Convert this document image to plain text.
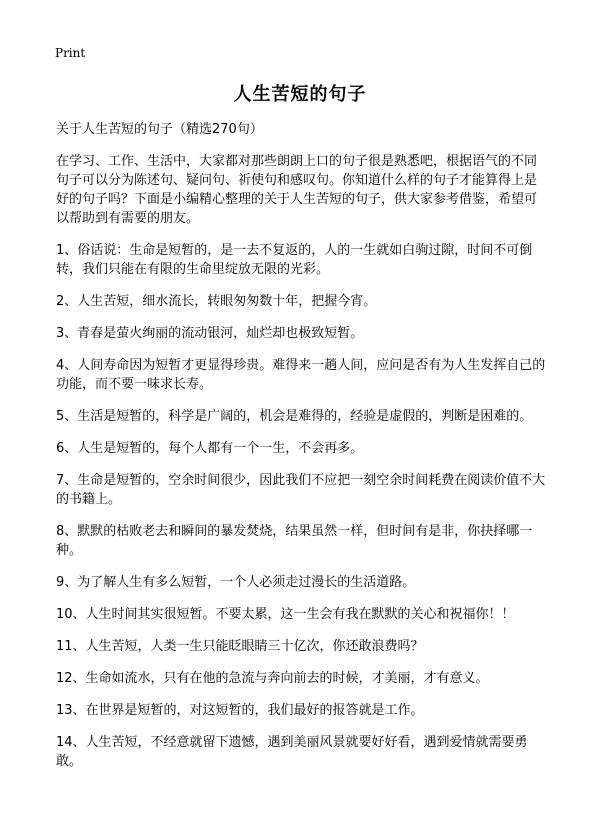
Print
人生苦短的句子

关于人生苦短的句子（精选270句）

在学习、工作、生活中，大家都对那些朗朗上口的句子很是熟悉吧，根据语气的不同句子可以分为陈述句、疑问句、祈使句和感叹句。你知道什么样的句子才能算得上是好的句子吗？下面是小编精心整理的关于人生苦短的句子，供大家参考借鉴，希望可以帮助到有需要的朋友。

1、俗话说：生命是短暂的，是一去不复返的，人的一生就如白驹过隙，时间不可倒转，我们只能在有限的生命里绽放无限的光彩。

2、人生苦短，细水流长，转眼匆匆数十年，把握今宵。

3、青春是萤火绚丽的流动银河，灿烂却也极致短暂。

4、人间寿命因为短暂才更显得珍贵。难得来一趟人间，应问是否有为人生发挥自己的功能，而不要一味求长寿。

5、生活是短暂的，科学是广阔的，机会是难得的，经验是虚假的，判断是困难的。

6、人生是短暂的，每个人都有一个一生，不会再多。

7、生命是短暂的，空余时间很少，因此我们不应把一刻空余时间耗费在阅读价值不大的书籍上。

8、默默的枯败老去和瞬间的暴发焚烧，结果虽然一样，但时间有是非，你抉择哪一种。

9、为了解人生有多么短暂，一个人必须走过漫长的生活道路。

10、人生时间其实很短暂。不要太累，这一生会有我在默默的关心和祝福你！！

11、人生苦短，人类一生只能眨眼睛三十亿次，你还敢浪费吗？

12、生命如流水，只有在他的急流与奔向前去的时候，才美丽，才有意义。

13、在世界是短暂的，对这短暂的，我们最好的报答就是工作。

14、人生苦短，不经意就留下遗憾，遇到美丽风景就要好好看，遇到爱情就需要勇敢。
